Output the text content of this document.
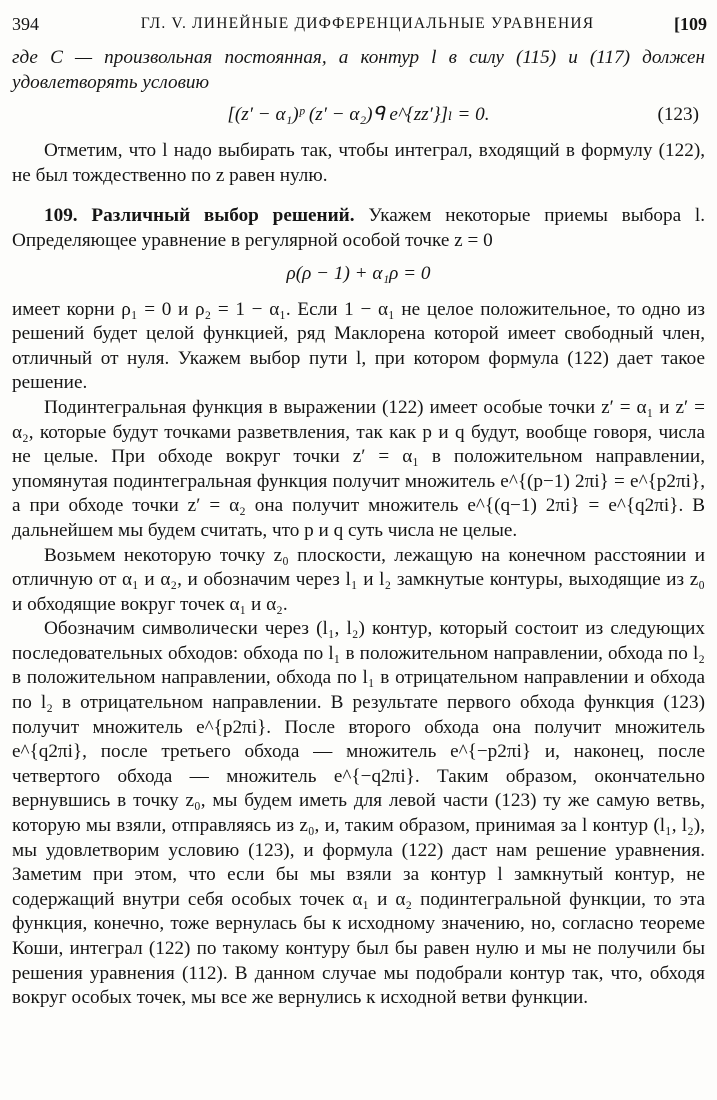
394	ГЛ. V. ЛИНЕЙНЫЕ ДИФФЕРЕНЦИАЛЬНЫЕ УРАВНЕНИЯ	[109

где C — произвольная постоянная, а контур l в силу (115) и (117) должен удовлетворять условию

[(z′ − α₁)ᵖ (z′ − α₂)ᑫ e^{zz′}]ₗ = 0.	(123)

Отметим, что l надо выбирать так, чтобы интеграл, входящий в формулу (122), не был тождественно по z равен нулю.

109. Различный выбор решений. Укажем некоторые приемы выбора l. Определяющее уравнение в регулярной особой точке z = 0

ρ(ρ − 1) + α₁ρ = 0

имеет корни ρ₁ = 0 и ρ₂ = 1 − α₁. Если 1 − α₁ не целое положительное, то одно из решений будет целой функцией, ряд Маклорена которой имеет свободный член, отличный от нуля. Укажем выбор пути l, при котором формула (122) дает такое решение.

Подинтегральная функция в выражении (122) имеет особые точки z′ = α₁ и z′ = α₂, которые будут точками разветвления, так как p и q будут, вообще говоря, числа не целые. При обходе вокруг точки z′ = α₁ в положительном направлении, упомянутая подинтегральная функция получит множитель e^{(p−1) 2πi} = e^{p2πi}, а при обходе точки z′ = α₂ она получит множитель e^{(q−1) 2πi} = e^{q2πi}. В дальнейшем мы будем считать, что p и q суть числа не целые.

Возьмем некоторую точку z₀ плоскости, лежащую на конечном расстоянии и отличную от α₁ и α₂, и обозначим через l₁ и l₂ замкнутые контуры, выходящие из z₀ и обходящие вокруг точек α₁ и α₂.

Обозначим символически через (l₁, l₂) контур, который состоит из следующих последовательных обходов: обхода по l₁ в положительном направлении, обхода по l₂ в положительном направлении, обхода по l₁ в отрицательном направлении и обхода по l₂ в отрицательном направлении. В результате первого обхода функция (123) получит множитель e^{p2πi}. После второго обхода она получит множитель e^{q2πi}, после третьего обхода — множитель e^{−p2πi} и, наконец, после четвертого обхода — множитель e^{−q2πi}. Таким образом, окончательно вернувшись в точку z₀, мы будем иметь для левой части (123) ту же самую ветвь, которую мы взяли, отправляясь из z₀, и, таким образом, принимая за l контур (l₁, l₂), мы удовлетворим условию (123), и формула (122) даст нам решение уравнения. Заметим при этом, что если бы мы взяли за контур l замкнутый контур, не содержащий внутри себя особых точек α₁ и α₂ подинтегральной функции, то эта функция, конечно, тоже вернулась бы к исходному значению, но, согласно теореме Коши, интеграл (122) по такому контуру был бы равен нулю и мы не получили бы решения уравнения (112). В данном случае мы подобрали контур так, что, обходя вокруг особых точек, мы все же вернулись к исходной ветви функции.
